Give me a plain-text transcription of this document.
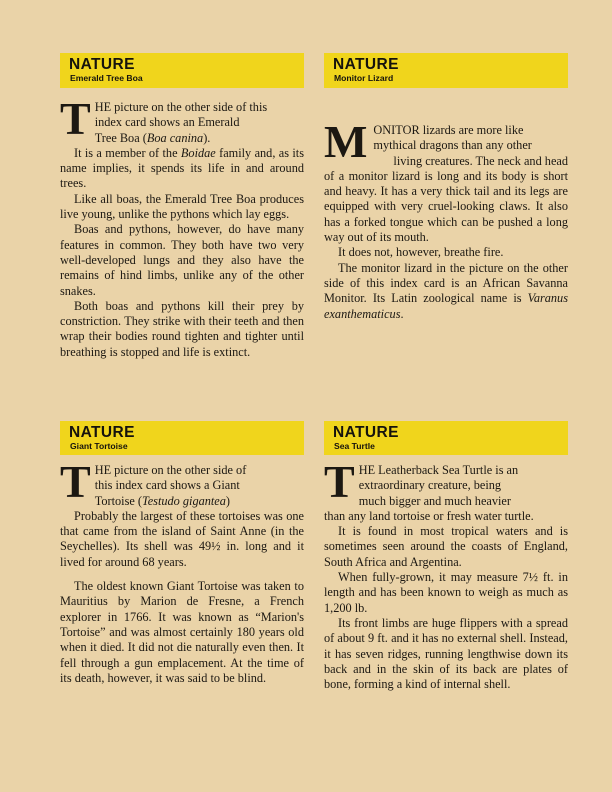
NATURE
Emerald Tree Boa

T HE picture on the other side of this
index card shows an Emerald
Tree Boa (Boa canina).

It is a member of the Boidae family and, as its name implies, it spends its life in and around trees.

Like all boas, the Emerald Tree Boa produces live young, unlike the pythons which lay eggs.

Boas and pythons, however, do have many features in common. They both have two very well-developed lungs and they also have the remains of hind limbs, unlike any of the other snakes.

Both boas and pythons kill their prey by constriction. They strike with their teeth and then wrap their bodies round tighten and tighter until breathing is stopped and life is extinct.

NATURE
Monitor Lizard

M ONITOR lizards are more like
mythical dragons than any other
living creatures. The neck and head of a monitor lizard is long and its body is short and heavy. It has a very thick tail and its legs are equipped with very cruel-looking claws. It also has a forked tongue which can be pushed a long way out of its mouth.

It does not, however, breathe fire.

The monitor lizard in the picture on the other side of this index card is an African Savanna Monitor. Its Latin zoological name is Varanus exanthematicus.

NATURE
Giant Tortoise

T HE picture on the other side of
this index card shows a Giant
Tortoise (Testudo gigantea)

Probably the largest of these tortoises was one that came from the island of Saint Anne (in the Seychelles). Its shell was 49½ in. long and it lived for around 68 years.

The oldest known Giant Tortoise was taken to Mauritius by Marion de Fresne, a French explorer in 1766. It was known as “Marion's Tortoise” and was almost certainly 180 years old when it died. It did not die naturally even then. It fell through a gun emplacement. At the time of its death, however, it was said to be blind.

NATURE
Sea Turtle

T HE Leatherback Sea Turtle is an
extraordinary creature, being
much bigger and much heavier
than any land tortoise or fresh water turtle.

It is found in most tropical waters and is sometimes seen around the coasts of England, South Africa and Argentina.

When fully-grown, it may measure 7½ ft. in length and has been known to weigh as much as 1,200 lb.

Its front limbs are huge flippers with a spread of about 9 ft. and it has no external shell. Instead, it has seven ridges, running lengthwise down its back and in the skin of its back are plates of bone, forming a kind of internal shell.
